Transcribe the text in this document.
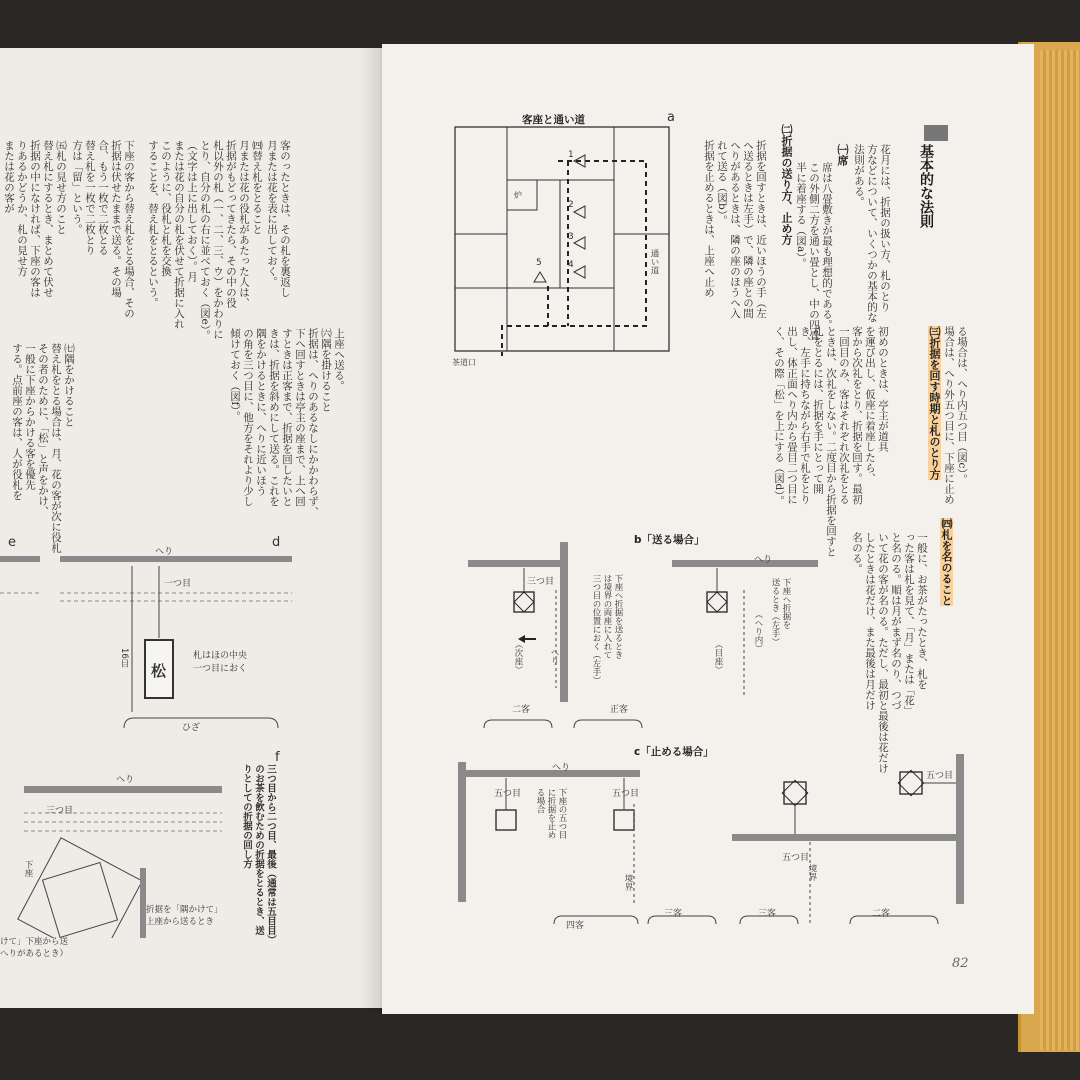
客のったときは、その札を裏返し
月または花を表に出しておく。
㈣替え札をとること
月または花の役札があたった人は、
折据がもどってきたら、その中の役
札以外の札（一、二、三、ウ）をかわりに
とり、自分の札の右に並べておく（図e）。
（文字は上に出しておく）。月
または花の自分の札を伏せて折据に入れ
このように、役札と札を交換
することを、替え札をとるという。
下座の客から替え札をとる場合、その
折据は伏せたままで送る。その場
合、もう一枚で二枚とる
替え札を一枚で二枚とり
方は「留」という。
㈤札の見せ方のこと
替え札にするとき、まとめて伏せ
折据の中になければ、下座の客は
りあるかどうか、札の見せ方
または花の客が
上座へ送る。
㈥隅を掛けること
折据は、へりのあるなしにかかわらず、
下へ回すときは亭主の座まで、上へ回
すときは正客まで、折据を回したいと
きは、折据を斜めにして送る。これを
隅をかけるときに、へりに近いほう
の角を三つ目に、他方をそれより少し
傾けておく（図f）。
㈦隅をかけること
替え札をとる場合は、月、花の客が次に役札
その者のために、「松」と声をかけ、
一般に下座からかける客を優先
する。点前座の客は、人が役札を
d
e
へり
一つ目
松
札はほの中央
一つ目におく
16目
ひざ
f
へり
三つ目
下座	三つ目から二つ目、最後（通常は五目目）
のお茶を飲むための折据をとるとき、送
りとしての折据の回し方
折据を「隅かけて」
上座から送るとき
けて」下座から送
へりがあるとき）
客座と通い道	a
1
2
3
4
5
炉
通い道
茶道口
基本的な法則
花月には、折据の扱い方、札のとり
方などについて、いくつかの基本的な
法則がある。
㈠席
席は八畳敷きが最も理想的である。
この外側二方を通い畳とし、中の四畳
半に着座する（図a）。
㈡折据の送り方、止め方
折据を回すときは、近いほうの手（左
へ送るときは左手）で、隣の座との間
へりがあるときは、隣の座のほうへ入
れて送る（図b）。
折据を止めるときは、上座へ止め
る場合は、へり内五つ目（図c）。
場合は、へり外五つ目に、下座に止め
㈢折据を回す時期と札のとり方
初めのときは、亭主が道具
を運び出し、仮座に着座したら、
客から次礼をとり、折据を回す。最初
一回目のみ、客はそれぞれ次礼をとる
ときは、次礼をしない。二度目から折据を回すと
札をとるには、折据を手にとって開
き、左手に持ちながら右手で札をとり
出し、体正面へり内から畳目二つ目に
く、その際「松」を上にする（図d）。
㈣札を名のること
一般に、お茶がたったとき、札を
った客は札を見て、「月」または「花」
と名のる。順は月がまず名のり、つづ
いて花の客が名のる。ただし、最初と最後は花だけ
したときは花だけ、また最後は月だけ
名のる。
b「送る場合」
へり
三つ目	下座へ折据を送るとき
は境界の両座に入れて
三つ目の位置におく（左手）	下座へ折据を
送るとき（左手）
（へり内）
（次座）	（目座）
へり
二客	正客
c「止める場合」
へり
五つ目	五つ目
五つ目
五つ目
下座の五つ目
に折据を止め
る場合
境界
境界
四客
三客	三客	二客
82
